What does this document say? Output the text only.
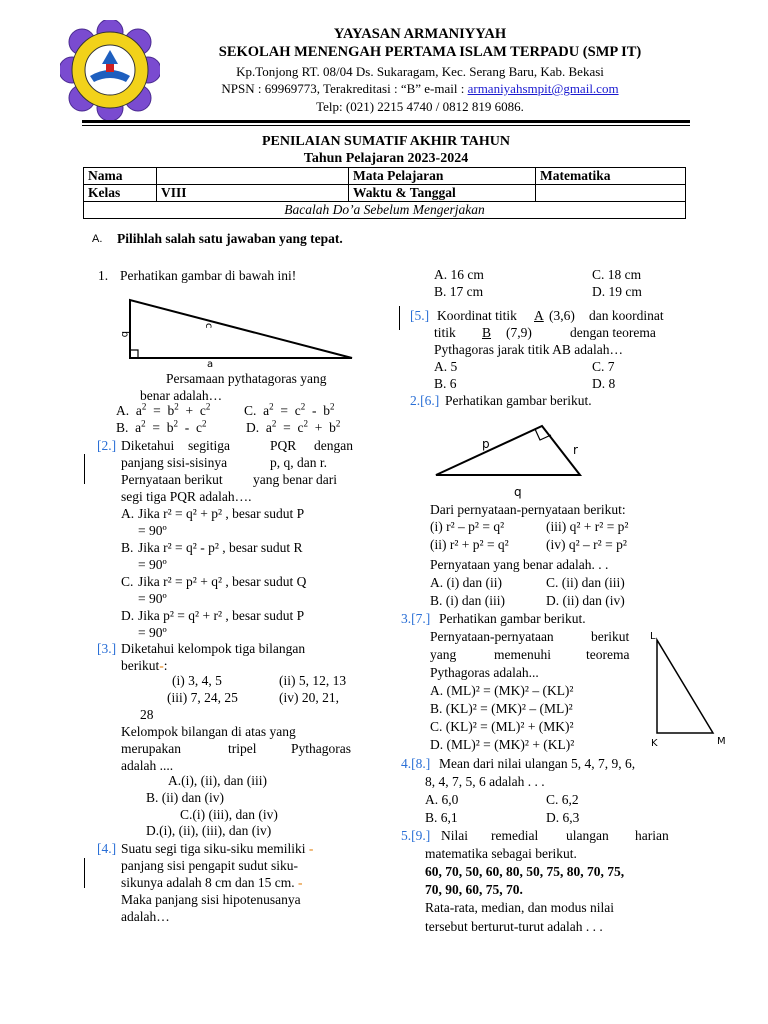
YAYASAN ARMANIYYAH
SEKOLAH MENENGAH PERTAMA ISLAM TERPADU (SMP IT)
Kp.Tonjong RT. 08/04 Ds. Sukaragam, Kec. Serang Baru, Kab. Bekasi
NPSN : 69969773, Terakreditasi : “B” e-mail : armaniyahsmpit@gmail.com
Telp: (021) 2215 4740 / 0812 819 6086.
PENILAIAN SUMATIF AKHIR TAHUN
Tahun Pelajaran 2023-2024
Nama		Mata Pelajaran	Matematika
Kelas	VIII	Waktu & Tanggal	
Bacalah Do’a Sebelum Mengerjakan			
A. Pilihlah salah satu jawaban yang tepat.
1. Perhatikan gambar di bawah ini!
b
c
a
Persamaan pythatagoras yang
benar adalah…
A.  $a^2 = b^2 + c^2$ C.  $a^2 = c^2 - b^2$
B.  $a^2 = b^2 - c^2$	D.  $a^2 = c^2 + b^2$
[2.] Diketahui segitiga	PQR dengan
panjang sisi-sisinya	p, q, dan r.
Pernyataan berikut yang benar dari
segi tiga PQR adalah….
A. Jika r² = q² + p² , besar sudut P
= 90º
B. Jika r² = q² - p² , besar sudut R
= 90º
C. Jika r² = p² + q² , besar sudut Q
= 90º
D. Jika p² = q² + r² , besar sudut P
= 90º
[3.] Diketahui kelompok tiga bilangan
berikut-:
(i) 3, 4, 5	(ii) 5, 12, 13
(iii) 7, 24, 25	(iv) 20, 21,
28
Kelompok bilangan di atas yang
merupakan	tripel	Pythagoras
adalah ....
A.(i), (ii), dan (iii)
B. (ii) dan (iv)
C.(i) (iii), dan (iv)
D.(i), (ii), (iii), dan (iv)
[4.] Suatu segi tiga siku-siku memiliki -
panjang sisi pengapit sudut siku-
sikunya adalah 8 cm dan 15 cm. -
Maka panjang sisi hipotenusanya
adalah…
A. 16 cm	C. 18 cm
B. 17 cm	D. 19 cm
[5.] Koordinat titik A (3,6) dan koordinat
titik B (7,9)	dengan teorema
Pythagoras jarak titik AB adalah…
A. 5	C. 7
B. 6	D. 8
2.[6.] Perhatikan gambar berikut.
p	r
q
Dari pernyataan-pernyataan berikut:
(i) r² – p² = q²	(iii) q² + r² = p²
(ii) r² + p² = q²	(iv) q² – r² = p²
Pernyataan yang benar adalah. . .
A. (i) dan (ii)	C. (ii) dan (iii)
B. (i) dan (iii)	D. (ii) dan (iv)
3.[7.] Perhatikan gambar berikut.
Pernyataan-pernyataan	berikut
yang	memenuhi	teorema
Pythagoras adalah...
L
K	M
A. (ML)² = (MK)² – (KL)²
B. (KL)² = (MK)² – (ML)²
C. (KL)² = (ML)² + (MK)²
D. (ML)² = (MK)² + (KL)²
4.[8.] Mean dari nilai ulangan 5, 4, 7, 9, 6,
8, 4, 7, 5, 6 adalah . . .
A. 6,0	C. 6,2
B. 6,1	D. 6,3
5.[9.] Nilai remedial ulangan harian
matematika sebagai berikut.
60, 70, 50, 60, 80, 50, 75, 80, 70, 75,
70, 90, 60, 75, 70.
Rata-rata, median, dan modus nilai
tersebut berturut-turut adalah . . .
